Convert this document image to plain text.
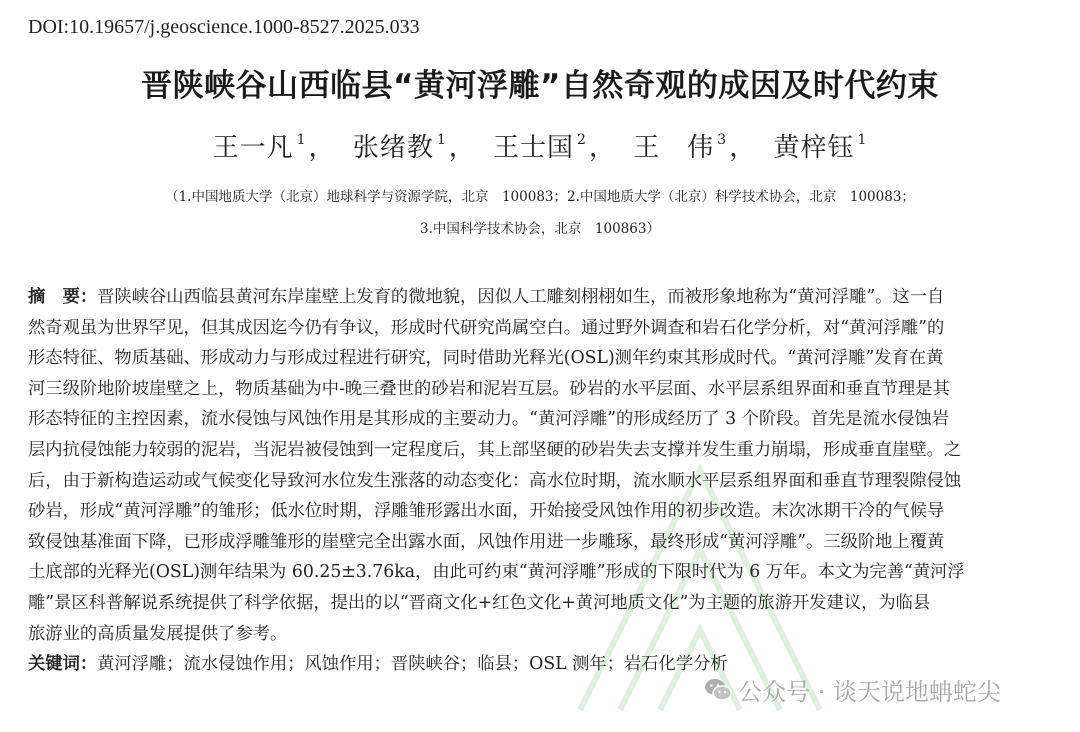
DOI:10.19657/j.geoscience.1000-8527.2025.033
晋陕峡谷山西临县“黄河浮雕”自然奇观的成因及时代约束
王一凡 $^1$， 张绪教 $^1$， 王士国 $^2$， 王　伟 $^3$， 黄梓钰 $^1$
（1.中国地质大学（北京）地球科学与资源学院，北京　100083；2.中国地质大学（北京）科学技术协会，北京　100083；
3.中国科学技术协会，北京　100863）
摘　要：晋陕峡谷山西临县黄河东岸崖壁上发育的微地貌，因似人工雕刻栩栩如生，而被形象地称为“黄河浮雕”。这一自
然奇观虽为世界罕见，但其成因迄今仍有争议，形成时代研究尚属空白。通过野外调查和岩石化学分析，对“黄河浮雕”的
形态特征、物质基础、形成动力与形成过程进行研究，同时借助光释光(OSL)测年约束其形成时代。“黄河浮雕”发育在黄
河三级阶地阶坡崖壁之上，物质基础为中-晚三叠世的砂岩和泥岩互层。砂岩的水平层面、水平层系组界面和垂直节理是其
形态特征的主控因素，流水侵蚀与风蚀作用是其形成的主要动力。“黄河浮雕”的形成经历了 3 个阶段。首先是流水侵蚀岩
层内抗侵蚀能力较弱的泥岩，当泥岩被侵蚀到一定程度后，其上部坚硬的砂岩失去支撑并发生重力崩塌，形成垂直崖壁。之
后，由于新构造运动或气候变化导致河水位发生涨落的动态变化：高水位时期，流水顺水平层系组界面和垂直节理裂隙侵蚀
砂岩，形成“黄河浮雕”的雏形；低水位时期，浮雕雏形露出水面，开始接受风蚀作用的初步改造。末次冰期干冷的气候导
致侵蚀基准面下降，已形成浮雕雏形的崖壁完全出露水面，风蚀作用进一步雕琢，最终形成“黄河浮雕”。三级阶地上覆黄
土底部的光释光(OSL)测年结果为 60.25±3.76ka，由此可约束“黄河浮雕”形成的下限时代为 6 万年。本文为完善“黄河浮
雕”景区科普解说系统提供了科学依据，提出的以“晋商文化+红色文化+黄河地质文化”为主题的旅游开发建议，为临县
旅游业的高质量发展提供了参考。
关键词：黄河浮雕；流水侵蚀作用；风蚀作用；晋陕峡谷；临县；OSL 测年；岩石化学分析
公众号 · 谈天说地蚺蛇尖
